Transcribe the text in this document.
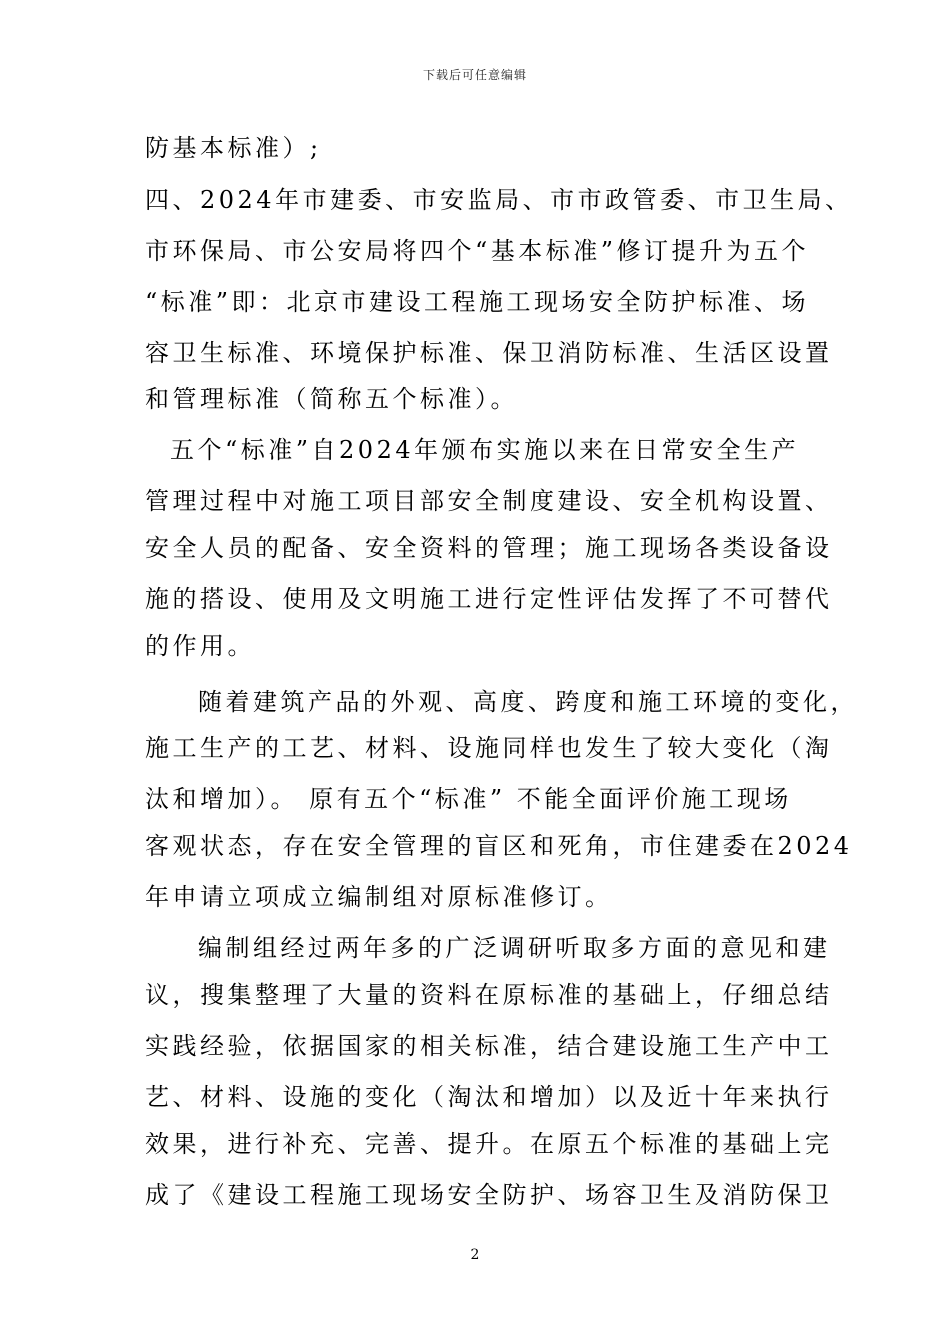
下载后可任意编辑
防基本标准）;
四、2024年市建委、市安监局、市市政管委、市卫生局、
市环保局、市公安局将四个“基本标准”修订提升为五个
“标准”即：北京市建设工程施工现场安全防护标准、场
容卫生标准、环境保护标准、保卫消防标准、生活区设置
和管理标准（简称五个标准）。
五个“标准”自2024年颁布实施以来在日常安全生产
管理过程中对施工项目部安全制度建设、安全机构设置、
安全人员的配备、安全资料的管理；施工现场各类设备设
施的搭设、使用及文明施工进行定性评估发挥了不可替代
的作用。
随着建筑产品的外观、高度、跨度和施工环境的变化，
施工生产的工艺、材料、设施同样也发生了较大变化（淘
汰和增加）。 原有五个“标准” 不能全面评价施工现场
客观状态，存在安全管理的盲区和死角，市住建委在2024
年申请立项成立编制组对原标准修订。
编制组经过两年多的广泛调研听取多方面的意见和建
议，搜集整理了大量的资料在原标准的基础上，仔细总结
实践经验，依据国家的相关标准，结合建设施工生产中工
艺、材料、设施的变化（淘汰和增加）以及近十年来执行
效果，进行补充、完善、提升。在原五个标准的基础上完
成了《建设工程施工现场安全防护、场容卫生及消防保卫
2
